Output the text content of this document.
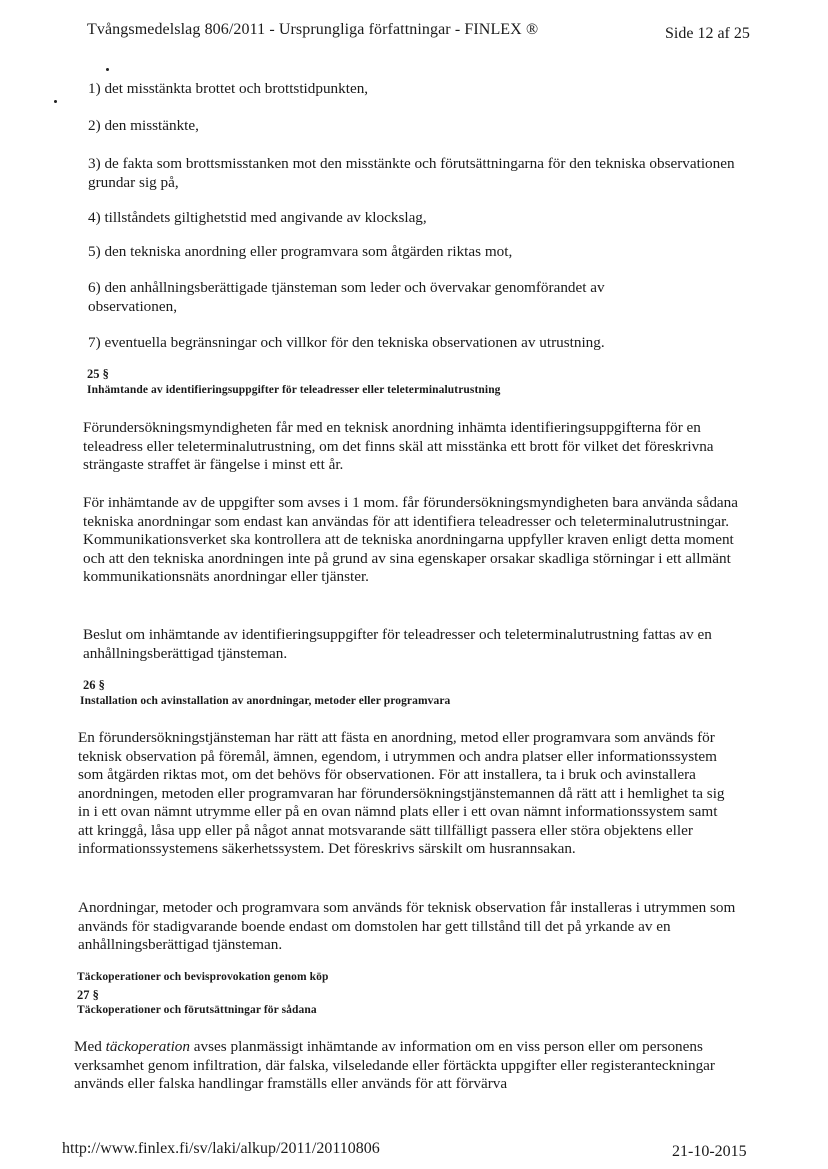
Tvångsmedelslag 806/2011 - Ursprungliga författningar - FINLEX ®	Side 12 af 25
1) det misstänkta brottet och brottstidpunkten,
2) den misstänkte,
3) de fakta som brottsmisstanken mot den misstänkte och förutsättningarna för den tekniska observationen grundar sig på,
4) tillståndets giltighetstid med angivande av klockslag,
5) den tekniska anordning eller programvara som åtgärden riktas mot,
6) den anhållningsberättigade tjänsteman som leder och övervakar genomförandet av observationen,
7) eventuella begränsningar och villkor för den tekniska observationen av utrustning.
25 §
Inhämtande av identifieringsuppgifter för teleadresser eller teleterminalutrustning
Förundersökningsmyndigheten får med en teknisk anordning inhämta identifieringsuppgifterna för en teleadress eller teleterminalutrustning, om det finns skäl att misstänka ett brott för vilket det föreskrivna strängaste straffet är fängelse i minst ett år.
För inhämtande av de uppgifter som avses i 1 mom. får förundersökningsmyndigheten bara använda sådana tekniska anordningar som endast kan användas för att identifiera teleadresser och teleterminalutrustningar. Kommunikationsverket ska kontrollera att de tekniska anordningarna uppfyller kraven enligt detta moment och att den tekniska anordningen inte på grund av sina egenskaper orsakar skadliga störningar i ett allmänt kommunikationsnäts anordningar eller tjänster.
Beslut om inhämtande av identifieringsuppgifter för teleadresser och teleterminalutrustning fattas av en anhållningsberättigad tjänsteman.
26 §
Installation och avinstallation av anordningar, metoder eller programvara
En förundersökningstjänsteman har rätt att fästa en anordning, metod eller programvara som används för teknisk observation på föremål, ämnen, egendom, i utrymmen och andra platser eller informationssystem som åtgärden riktas mot, om det behövs för observationen. För att installera, ta i bruk och avinstallera anordningen, metoden eller programvaran har förundersökningstjänstemannen då rätt att i hemlighet ta sig in i ett ovan nämnt utrymme eller på en ovan nämnd plats eller i ett ovan nämnt informationssystem samt att kringgå, låsa upp eller på något annat motsvarande sätt tillfälligt passera eller störa objektens eller informationssystemens säkerhetssystem. Det föreskrivs särskilt om husrannsakan.
Anordningar, metoder och programvara som används för teknisk observation får installeras i utrymmen som används för stadigvarande boende endast om domstolen har gett tillstånd till det på yrkande av en anhållningsberättigad tjänsteman.
Täckoperationer och bevisprovokation genom köp
27 §
Täckoperationer och förutsättningar för sådana
Med täckoperation avses planmässigt inhämtande av information om en viss person eller om personens verksamhet genom infiltration, där falska, vilseledande eller förtäckta uppgifter eller registeranteckningar används eller falska handlingar framställs eller används för att förvärva
http://www.finlex.fi/sv/laki/alkup/2011/20110806	21-10-2015
